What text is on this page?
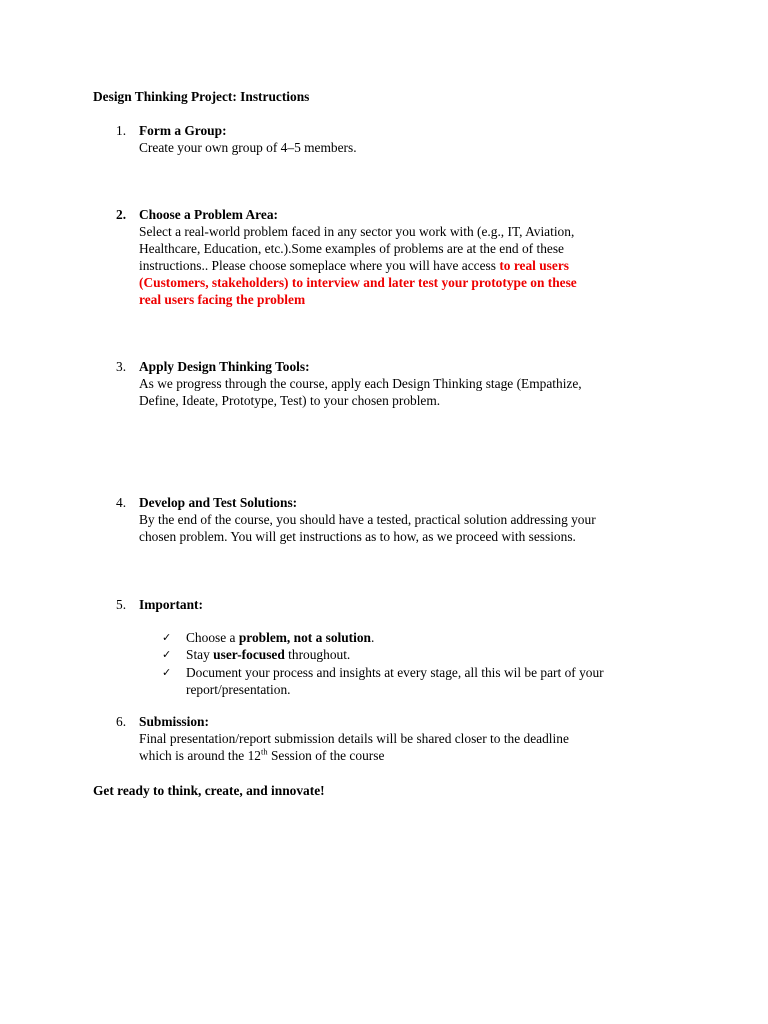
Design Thinking Project: Instructions
1. Form a Group:
Create your own group of 4–5 members.
2. Choose a Problem Area:
Select a real-world problem faced in any sector you work with (e.g., IT, Aviation,
Healthcare, Education, etc.).Some examples of problems are at the end of these
instructions.. Please choose someplace where you will have access to real users
(Customers, stakeholders) to interview and later test your prototype on these
real users facing the problem
3. Apply Design Thinking Tools:
As we progress through the course, apply each Design Thinking stage (Empathize,
Define, Ideate, Prototype, Test) to your chosen problem.
4. Develop and Test Solutions:
By the end of the course, you should have a tested, practical solution addressing your
chosen problem. You will get instructions as to how, as we proceed with sessions.
5. Important:
✓ Choose a problem, not a solution.
✓ Stay user-focused throughout.
✓ Document your process and insights at every stage, all this wil be part of your
report/presentation.
6. Submission:
Final presentation/report submission details will be shared closer to the deadline
which is around the 12th Session of the course
Get ready to think, create, and innovate!
